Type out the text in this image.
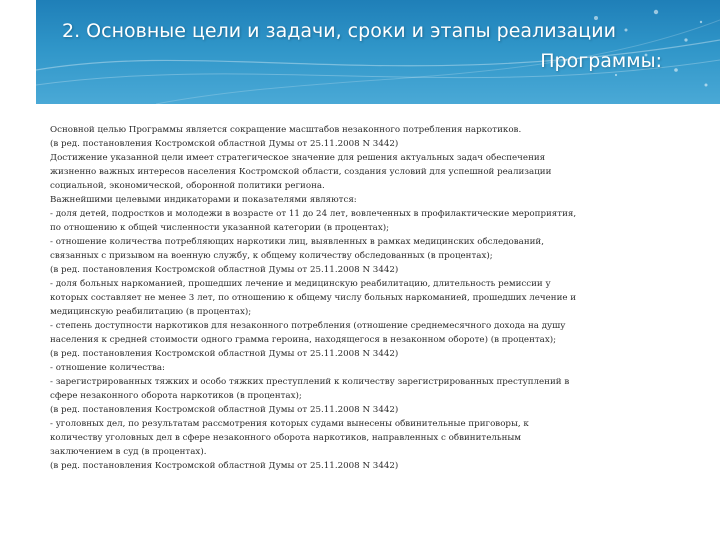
2. Основные цели и задачи, сроки и этапы реализации
Программы:

Основной целью Программы является сокращение масштабов незаконного потребления наркотиков.

(в ред. постановления Костромской областной Думы от 25.11.2008 N 3442)

Достижение указанной цели имеет стратегическое значение для решения актуальных задач обеспечения

жизненно важных интересов населения Костромской области, создания условий для успешной реализации

социальной, экономической, оборонной политики региона.

Важнейшими целевыми индикаторами и показателями являются:

- доля детей, подростков и молодежи в возрасте от 11 до 24 лет, вовлеченных в профилактические мероприятия,

по отношению к общей численности указанной категории (в процентах);

- отношение количества потребляющих наркотики лиц, выявленных в рамках медицинских обследований,

связанных с призывом на военную службу, к общему количеству обследованных (в процентах);

(в ред. постановления Костромской областной Думы от 25.11.2008 N 3442)

- доля больных наркоманией, прошедших лечение и медицинскую реабилитацию, длительность ремиссии у

которых составляет не менее 3 лет, по отношению к общему числу больных наркоманией, прошедших лечение и

медицинскую реабилитацию (в процентах);

- степень доступности наркотиков для незаконного потребления (отношение среднемесячного дохода на душу

населения к средней стоимости одного грамма героина, находящегося в незаконном обороте) (в процентах);

(в ред. постановления Костромской областной Думы от 25.11.2008 N 3442)

- отношение количества:

- зарегистрированных тяжких и особо тяжких преступлений к количеству зарегистрированных преступлений в

сфере незаконного оборота наркотиков (в процентах);

(в ред. постановления Костромской областной Думы от 25.11.2008 N 3442)

- уголовных дел, по результатам рассмотрения которых судами вынесены обвинительные приговоры, к

количеству уголовных дел в сфере незаконного оборота наркотиков, направленных с обвинительным

заключением в суд (в процентах).

(в ред. постановления Костромской областной Думы от 25.11.2008 N 3442)
